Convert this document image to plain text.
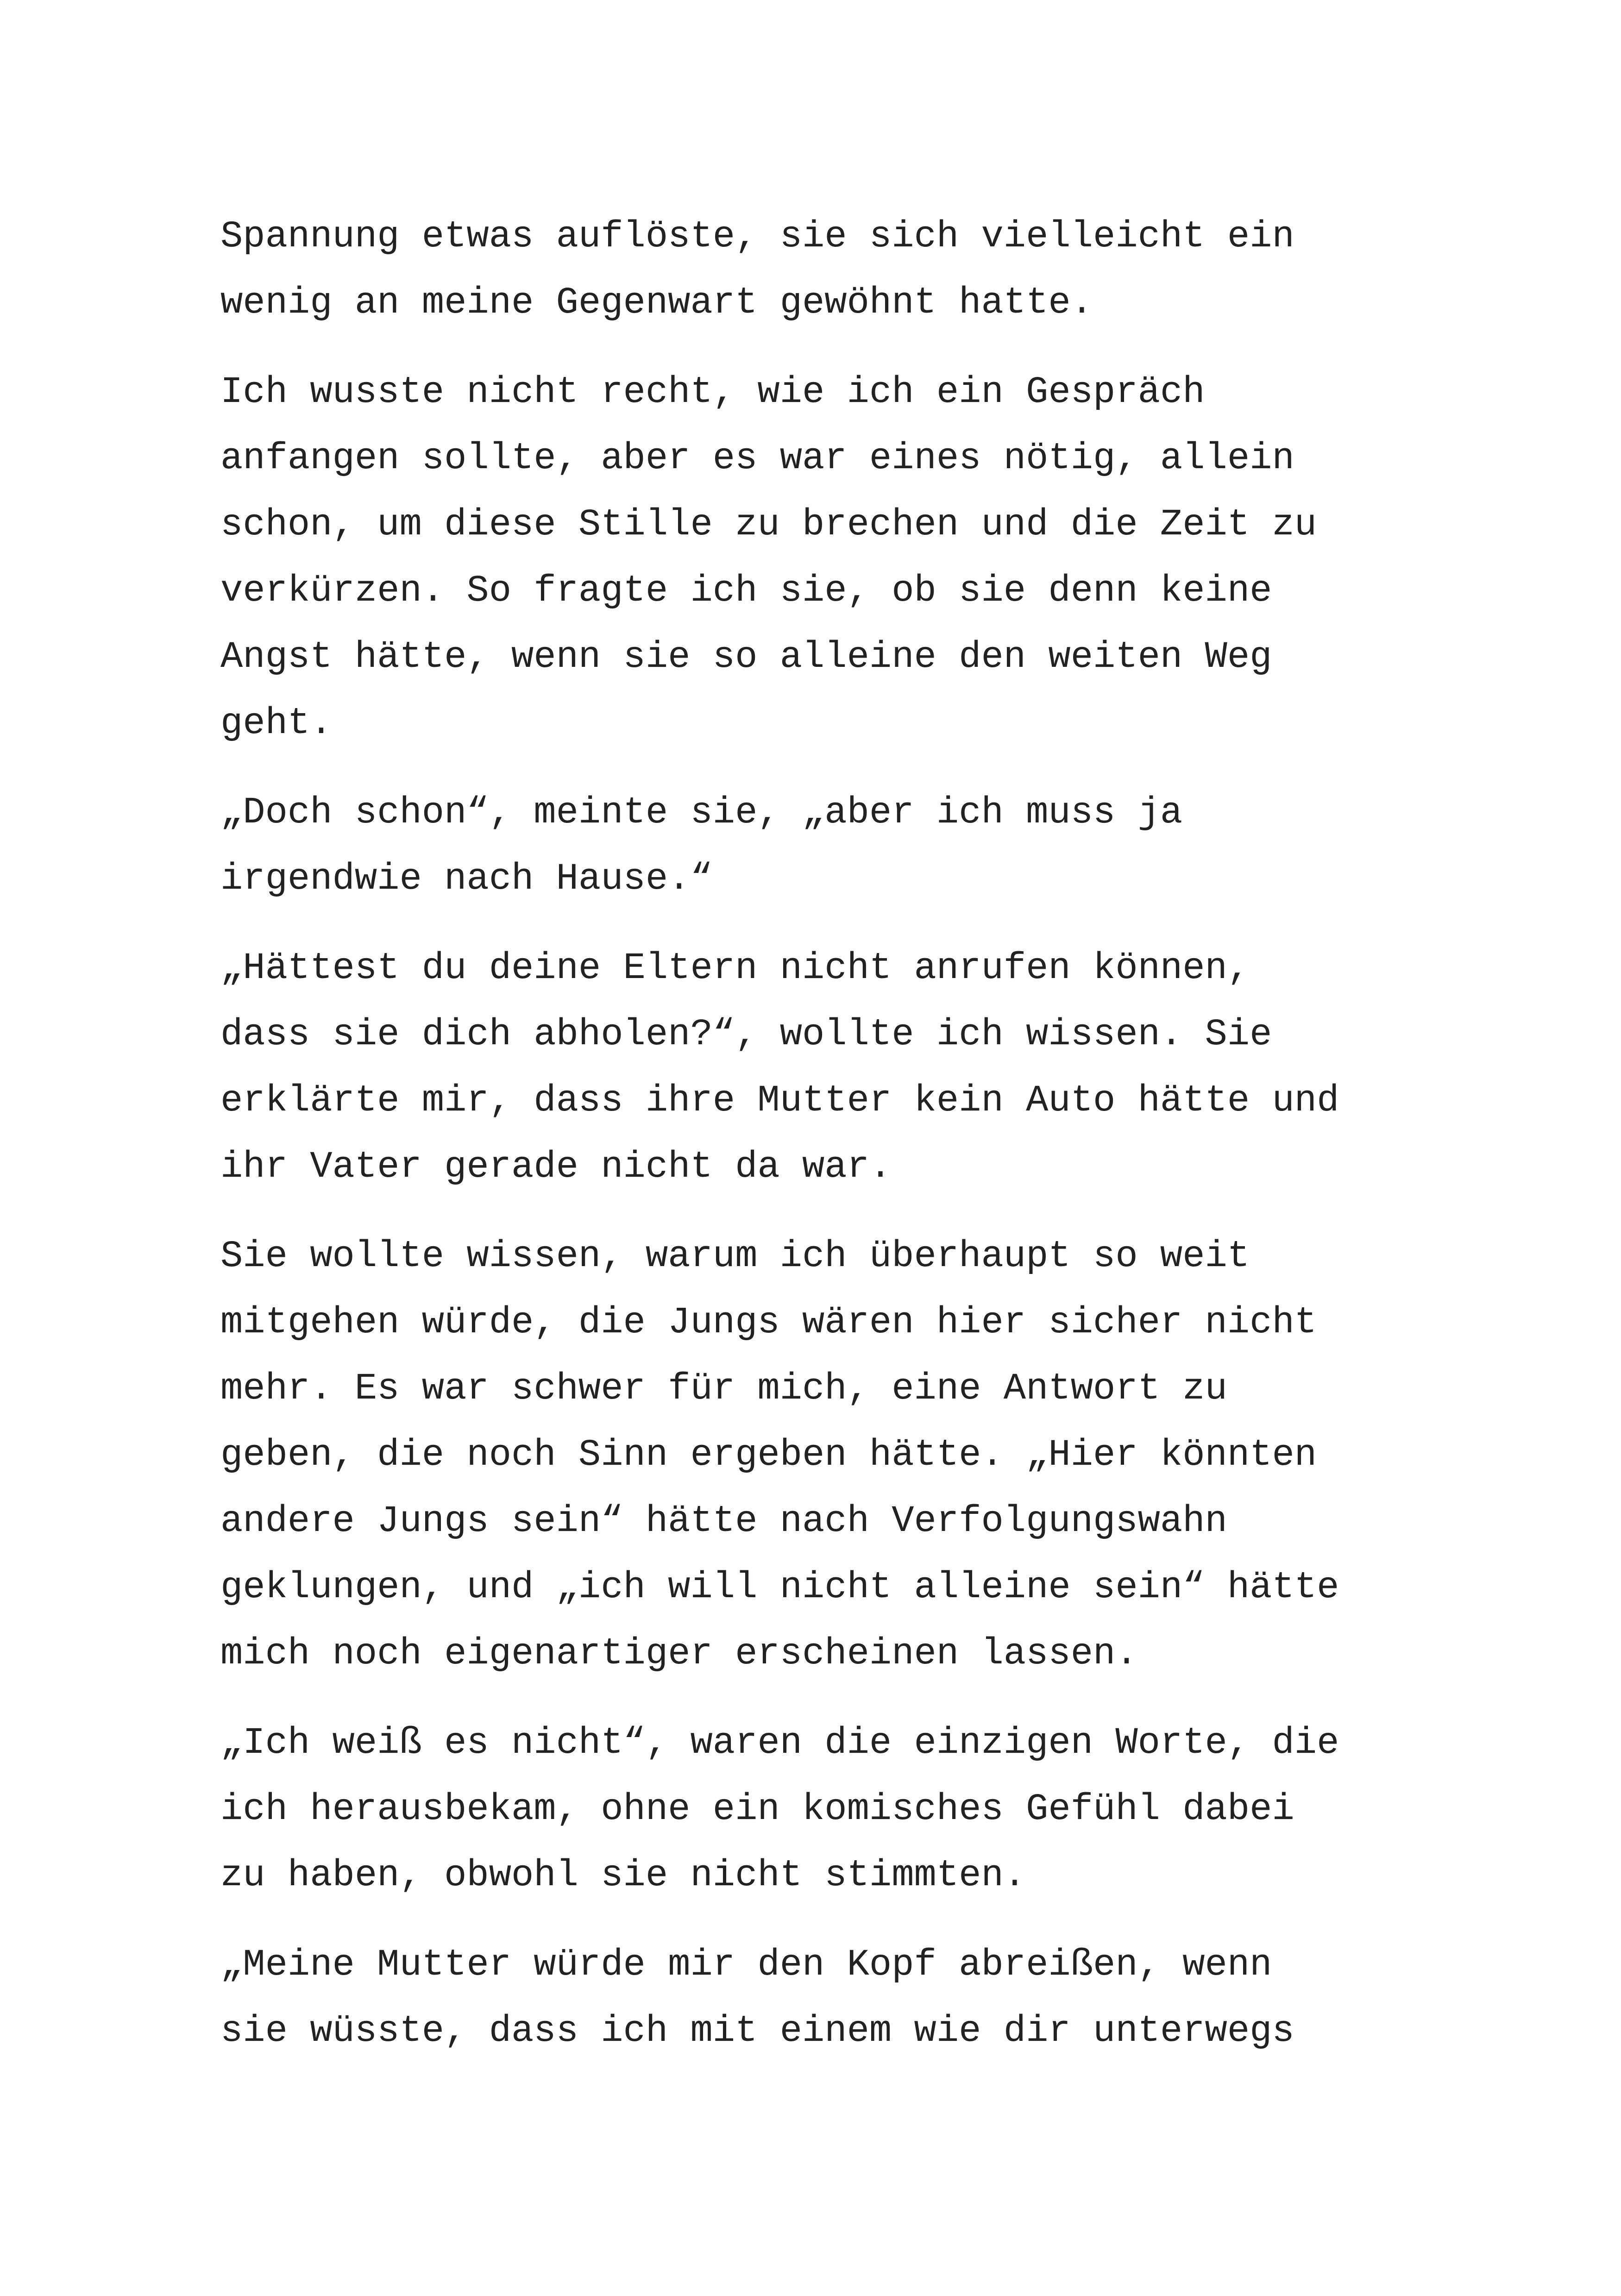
Spannung etwas auflöste, sie sich vielleicht ein
wenig an meine Gegenwart gewöhnt hatte.

Ich wusste nicht recht, wie ich ein Gespräch
anfangen sollte, aber es war eines nötig, allein
schon, um diese Stille zu brechen und die Zeit zu
verkürzen. So fragte ich sie, ob sie denn keine
Angst hätte, wenn sie so alleine den weiten Weg
geht.

„Doch schon“, meinte sie, „aber ich muss ja
irgendwie nach Hause.“

„Hättest du deine Eltern nicht anrufen können,
dass sie dich abholen?“, wollte ich wissen. Sie
erklärte mir, dass ihre Mutter kein Auto hätte und
ihr Vater gerade nicht da war.

Sie wollte wissen, warum ich überhaupt so weit
mitgehen würde, die Jungs wären hier sicher nicht
mehr. Es war schwer für mich, eine Antwort zu
geben, die noch Sinn ergeben hätte. „Hier könnten
andere Jungs sein“ hätte nach Verfolgungswahn
geklungen, und „ich will nicht alleine sein“ hätte
mich noch eigenartiger erscheinen lassen.

„Ich weiß es nicht“, waren die einzigen Worte, die
ich herausbekam, ohne ein komisches Gefühl dabei
zu haben, obwohl sie nicht stimmten.

„Meine Mutter würde mir den Kopf abreißen, wenn
sie wüsste, dass ich mit einem wie dir unterwegs
